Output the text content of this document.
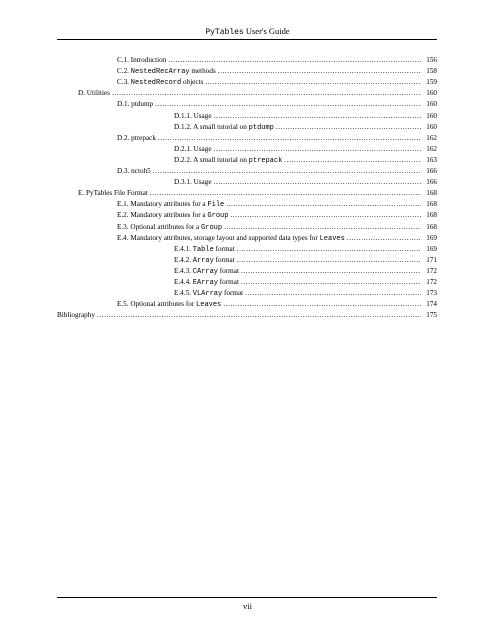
PyTables User's Guide
C.1. Introduction . . .	156
C.2. NestedRecArray methods . . .	158
C.3. NestedRecord objects . . .	159
D. Utilities . . .	160
D.1. ptdump . . .	160
D.1.1. Usage . . .	160
D.1.2. A small tutorial on ptdump . . .	160
D.2. ptrepack . . .	162
D.2.1. Usage . . .	162
D.2.2. A small tutorial on ptrepack . . .	163
D.3. nctoh5 . . .	166
D.3.1. Usage . . .	166
E. PyTables File Format . . .	168
E.1. Mandatory attributes for a File . . .	168
E.2. Mandatory attributes for a Group . . .	168
E.3. Optional attributes for a Group . . .	168
E.4. Mandatory attributes, storage layout and supported data types for Leaves . . .	169
E.4.1. Table format . . .	169
E.4.2. Array format . . .	171
E.4.3. CArray format . . .	172
E.4.4. EArray format . . .	172
E.4.5. VLArray format . . .	173
E.5. Optional attributes for Leaves . . .	174
Bibliography . . .	175
vii
